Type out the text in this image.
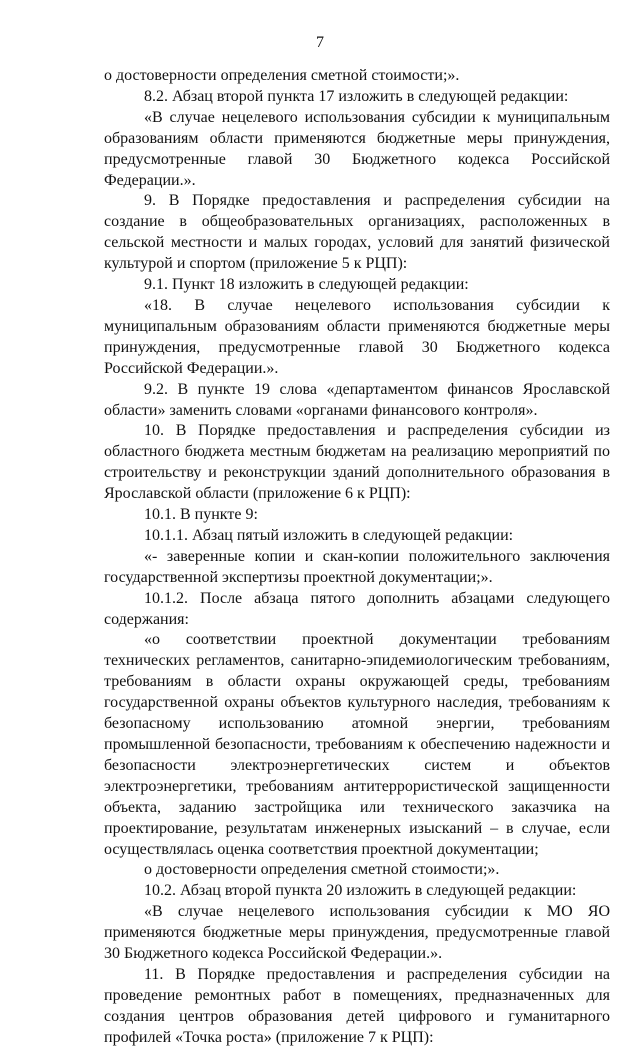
7

о достоверности определения сметной стоимости;».

8.2. Абзац второй пункта 17 изложить в следующей редакции:

«В случае нецелевого использования субсидии к муниципальным образованиям области применяются бюджетные меры принуждения, предусмотренные главой 30 Бюджетного кодекса Российской Федерации.».

9. В Порядке предоставления и распределения субсидии на создание в общеобразовательных организациях, расположенных в сельской местности и малых городах, условий для занятий физической культурой и спортом (приложение 5 к РЦП):

9.1. Пункт 18 изложить в следующей редакции:

«18. В случае нецелевого использования субсидии к муниципальным образованиям области применяются бюджетные меры принуждения, предусмотренные главой 30 Бюджетного кодекса Российской Федерации.».

9.2. В пункте 19 слова «департаментом финансов Ярославской области» заменить словами «органами финансового контроля».

10. В Порядке предоставления и распределения субсидии из областного бюджета местным бюджетам на реализацию мероприятий по строительству и реконструкции зданий дополнительного образования в Ярославской области (приложение 6 к РЦП):

10.1. В пункте 9:

10.1.1. Абзац пятый изложить в следующей редакции:

«- заверенные копии и скан-копии положительного заключения государственной экспертизы проектной документации;».

10.1.2. После абзаца пятого дополнить абзацами следующего содержания:

«о соответствии проектной документации требованиям технических регламентов, санитарно-эпидемиологическим требованиям, требованиям в области охраны окружающей среды, требованиям государственной охраны объектов культурного наследия, требованиям к безопасному использованию атомной энергии, требованиям промышленной безопасности, требованиям к обеспечению надежности и безопасности электроэнергетических систем и объектов электроэнергетики, требованиям антитеррористической защищенности объекта, заданию застройщика или технического заказчика на проектирование, результатам инженерных изысканий – в случае, если осуществлялась оценка соответствия проектной документации;

о достоверности определения сметной стоимости;».

10.2. Абзац второй пункта 20 изложить в следующей редакции:

«В случае нецелевого использования субсидии к МО ЯО применяются бюджетные меры принуждения, предусмотренные главой 30 Бюджетного кодекса Российской Федерации.».

11. В Порядке предоставления и распределения субсидии на проведение ремонтных работ в помещениях, предназначенных для создания центров образования детей цифрового и гуманитарного профилей «Точка роста» (приложение 7 к РЦП):
